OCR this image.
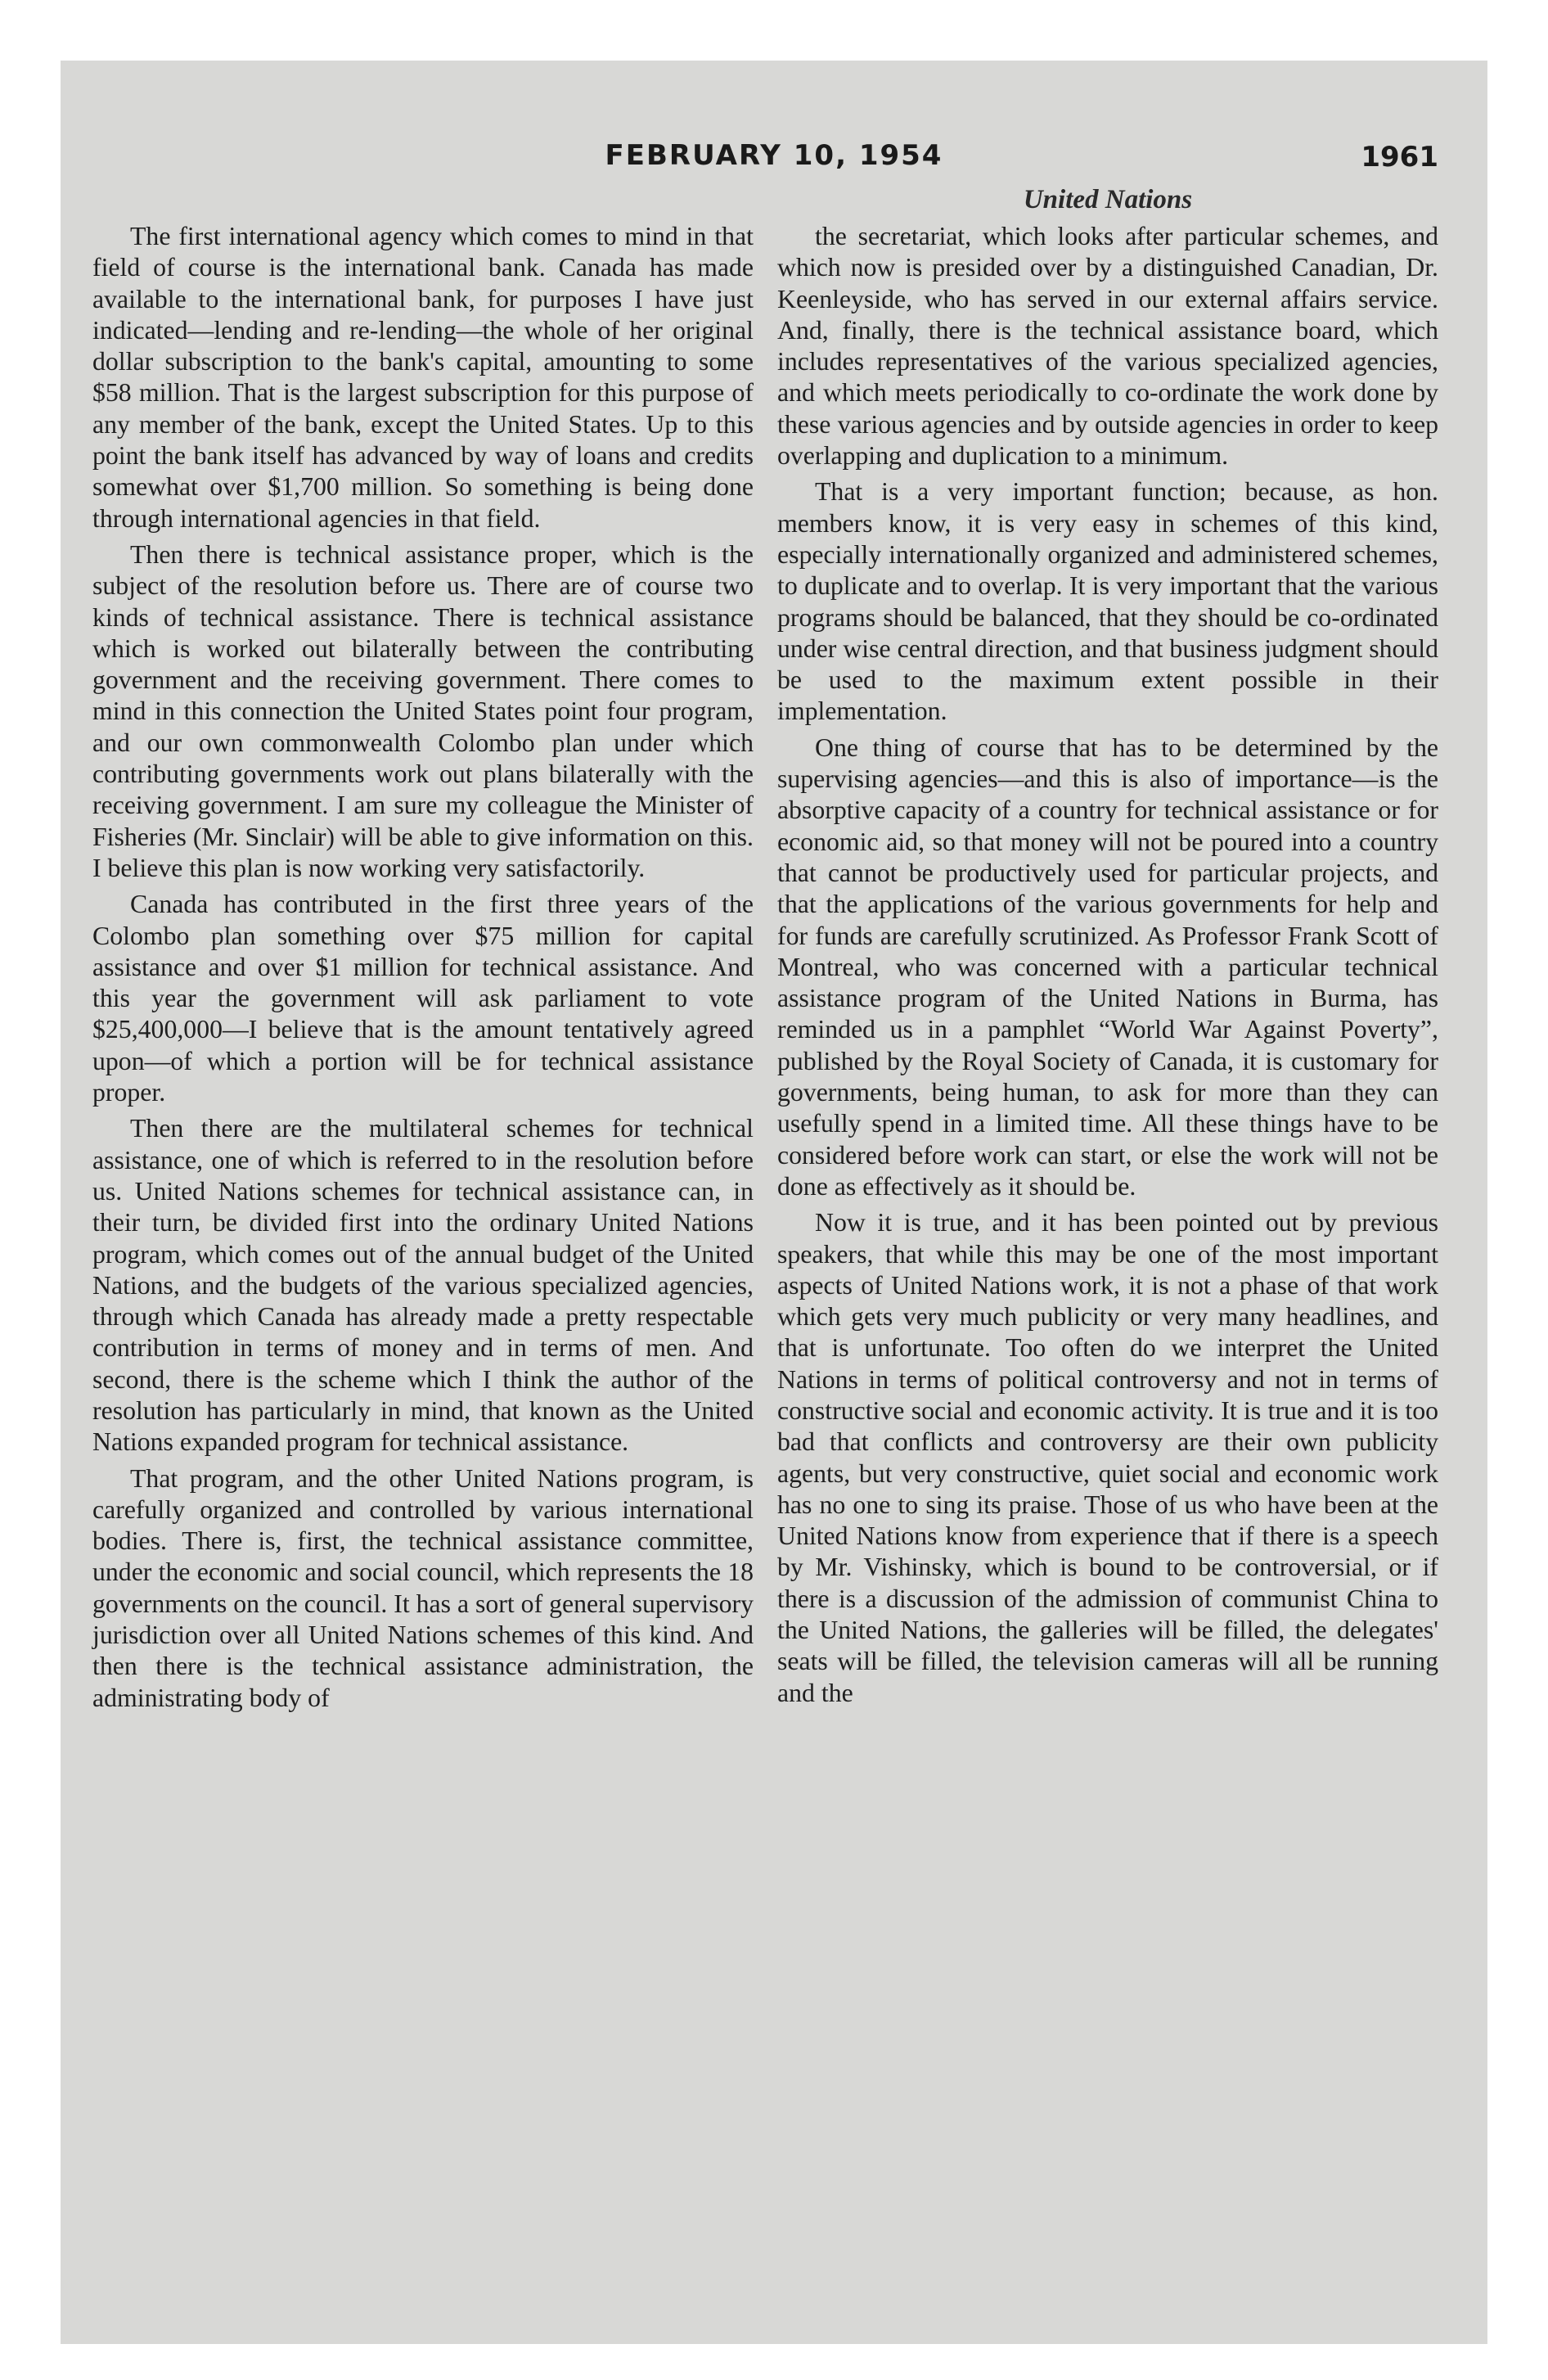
FEBRUARY 10, 1954	1961
United Nations

The first international agency which comes to mind in that field of course is the international bank. Canada has made available to the international bank, for purposes I have just indicated—lending and re-lending—the whole of her original dollar subscription to the bank's capital, amounting to some $58 million. That is the largest subscription for this purpose of any member of the bank, except the United States. Up to this point the bank itself has advanced by way of loans and credits somewhat over $1,700 million. So something is being done through international agencies in that field.

Then there is technical assistance proper, which is the subject of the resolution before us. There are of course two kinds of technical assistance. There is technical assistance which is worked out bilaterally between the contributing government and the receiving government. There comes to mind in this connection the United States point four program, and our own commonwealth Colombo plan under which contributing governments work out plans bilaterally with the receiving government. I am sure my colleague the Minister of Fisheries (Mr. Sinclair) will be able to give information on this. I believe this plan is now working very satisfactorily.

Canada has contributed in the first three years of the Colombo plan something over $75 million for capital assistance and over $1 million for technical assistance. And this year the government will ask parliament to vote $25,400,000—I believe that is the amount tentatively agreed upon—of which a portion will be for technical assistance proper.

Then there are the multilateral schemes for technical assistance, one of which is referred to in the resolution before us. United Nations schemes for technical assistance can, in their turn, be divided first into the ordinary United Nations program, which comes out of the annual budget of the United Nations, and the budgets of the various specialized agencies, through which Canada has already made a pretty respectable contribution in terms of money and in terms of men. And second, there is the scheme which I think the author of the resolution has particularly in mind, that known as the United Nations expanded program for technical assistance.

That program, and the other United Nations program, is carefully organized and controlled by various international bodies. There is, first, the technical assistance committee, under the economic and social council, which represents the 18 governments on the council. It has a sort of general supervisory jurisdiction over all United Nations schemes of this kind. And then there is the technical assistance administration, the administrating body of

the secretariat, which looks after particular schemes, and which now is presided over by a distinguished Canadian, Dr. Keenleyside, who has served in our external affairs service. And, finally, there is the technical assistance board, which includes representatives of the various specialized agencies, and which meets periodically to co-ordinate the work done by these various agencies and by outside agencies in order to keep overlapping and duplication to a minimum.

That is a very important function; because, as hon. members know, it is very easy in schemes of this kind, especially internationally organized and administered schemes, to duplicate and to overlap. It is very important that the various programs should be balanced, that they should be co-ordinated under wise central direction, and that business judgment should be used to the maximum extent possible in their implementation.

One thing of course that has to be determined by the supervising agencies—and this is also of importance—is the absorptive capacity of a country for technical assistance or for economic aid, so that money will not be poured into a country that cannot be productively used for particular projects, and that the applications of the various governments for help and for funds are carefully scrutinized. As Professor Frank Scott of Montreal, who was concerned with a particular technical assistance program of the United Nations in Burma, has reminded us in a pamphlet “World War Against Poverty”, published by the Royal Society of Canada, it is customary for governments, being human, to ask for more than they can usefully spend in a limited time. All these things have to be considered before work can start, or else the work will not be done as effectively as it should be.

Now it is true, and it has been pointed out by previous speakers, that while this may be one of the most important aspects of United Nations work, it is not a phase of that work which gets very much publicity or very many headlines, and that is unfortunate. Too often do we interpret the United Nations in terms of political controversy and not in terms of constructive social and economic activity. It is true and it is too bad that conflicts and controversy are their own publicity agents, but very constructive, quiet social and economic work has no one to sing its praise. Those of us who have been at the United Nations know from experience that if there is a speech by Mr. Vishinsky, which is bound to be controversial, or if there is a discussion of the admission of communist China to the United Nations, the galleries will be filled, the delegates' seats will be filled, the television cameras will all be running and the
